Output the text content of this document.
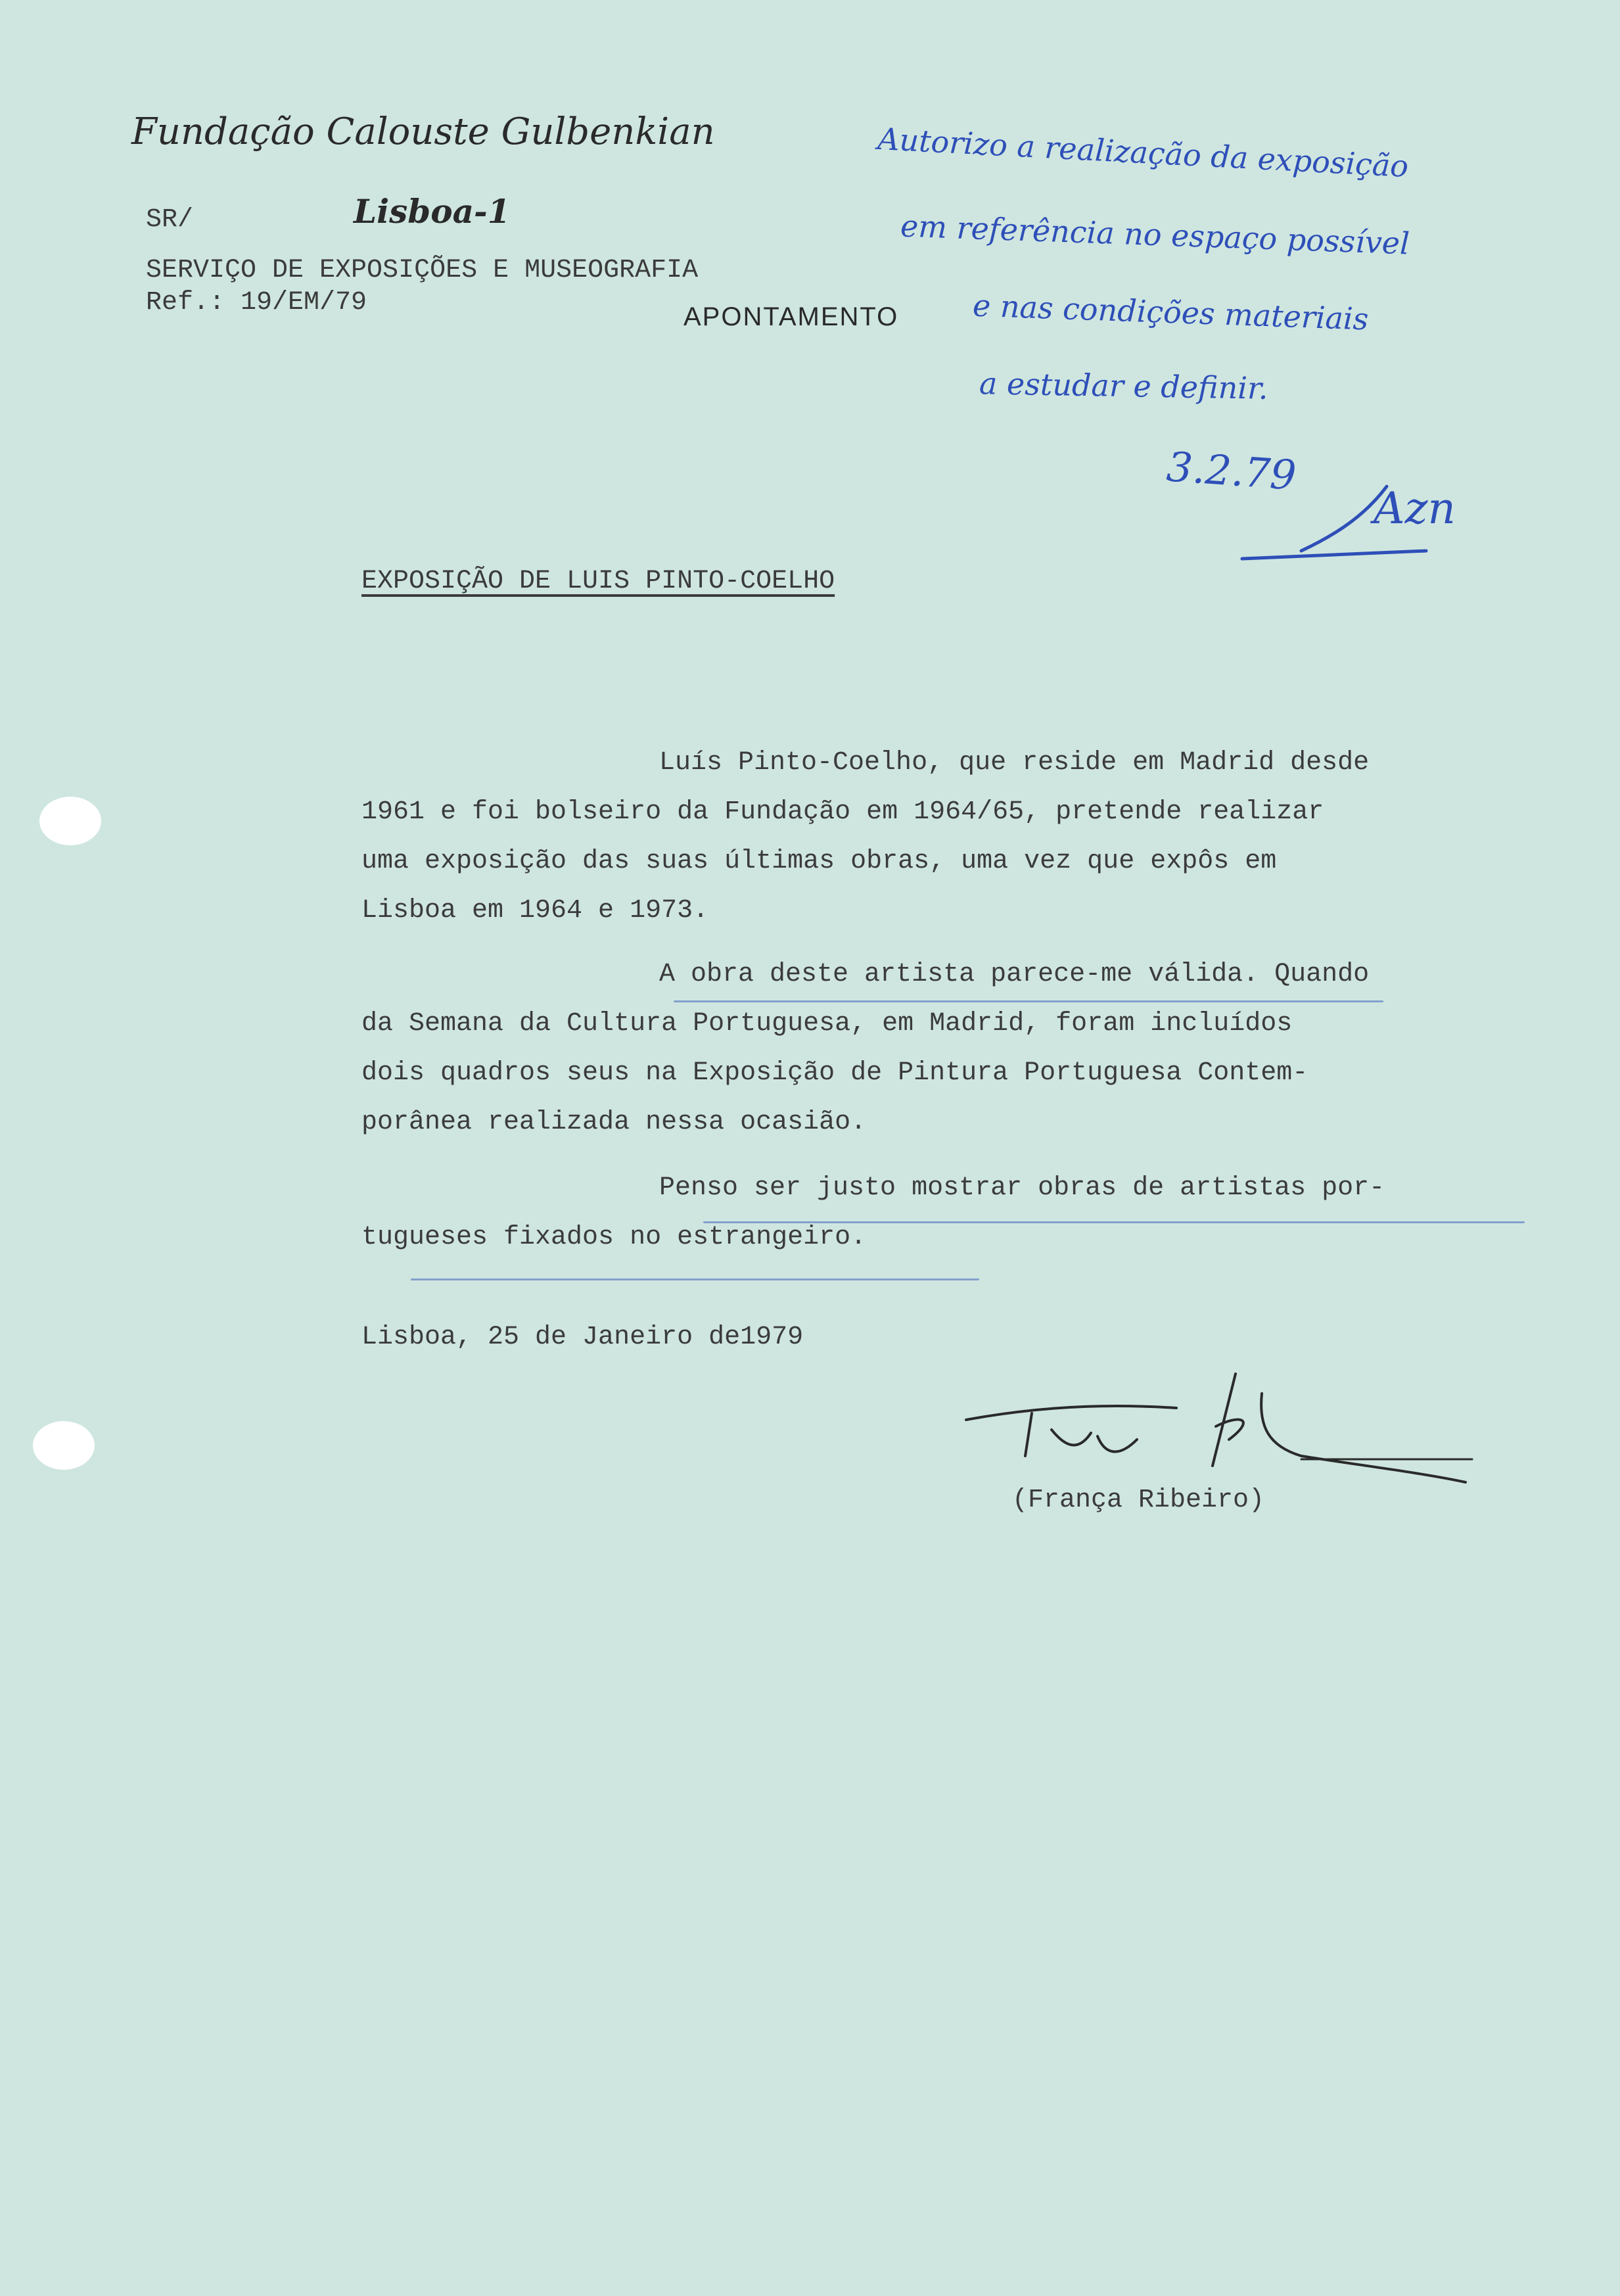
Fundação Calouste Gulbenkian
Lisboa-1
SR/
SERVIÇO DE EXPOSIÇÕES E MUSEOGRAFIA
Ref.: 19/EM/79	APONTAMENTO
Autorizo a realização da exposição
em referência no espaço possível
e nas condições materiais
a estudar e definir.
3.2.79
Azn
EXPOSIÇÃO DE LUIS PINTO-COELHO
Luís Pinto-Coelho, que reside em Madrid desde
1961 e foi bolseiro da Fundação em 1964/65, pretende realizar
uma exposição das suas últimas obras, uma vez que expôs em
Lisboa em 1964 e 1973.
A obra deste artista parece-me válida. Quando
da Semana da Cultura Portuguesa, em Madrid, foram incluídos
dois quadros seus na Exposição de Pintura Portuguesa Contem-
porânea realizada nessa ocasião.
Penso ser justo mostrar obras de artistas por-
tugueses fixados no estrangeiro.
Lisboa, 25 de Janeiro de1979
(França Ribeiro)
